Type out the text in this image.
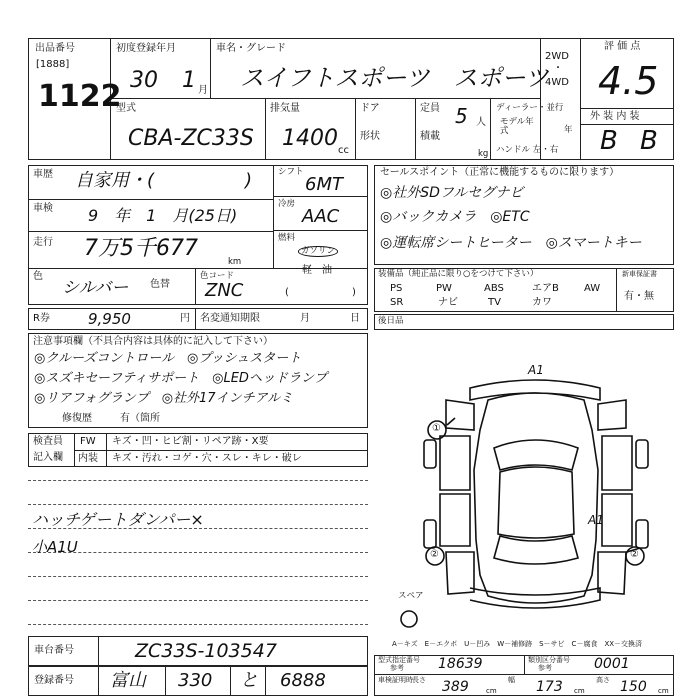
出品番号
[1888]
1122
初度登録年月
30 1 月
車名・グレード
スイフトスポーツ　スポーツ
2WD
・
4WD
評 価 点
4.5
型式
CBA-ZC33S
排気量
1400 cc
ドア
形状
定員 5 人
積載
kg
ディーラー・並行
モデル年式	年
ハンドル 左・右
外 装 内 装
B B
車歴 自家用・(	)
車検 9　年　1　月(25日)
走行 7万5千677
km
色
シルバー 色替
色コード
ZNC
シフト
6MT
冷房
AAC
燃料
ガソリン
軽　油
(	)
R券	9,950	円 名変通知期限	月	日
セールスポイント（正常に機能するものに限ります）
◎社外SDフルセグナビ
◎バックカメラ　◎ETC
◎運転席シートヒーター　◎スマートキー
装備品（純正品に限り○をつけて下さい）
PS	PW	ABS	エアB	AW
SR	ナビ	TV	カワ
新車保証書
有・無
後日品
注意事項欄（不具合内容は具体的に記入して下さい）
◎クルーズコントロール　◎プッシュスタート
◎スズキセーフティサポート　◎LEDヘッドランプ
◎リアフォグランプ　◎社外17インチアルミ
修復歴	有（箇所
検査員
記入欄
FW キズ・凹・ヒビ割・リペア跡・X要
内装 キズ・汚れ・コゲ・穴・スレ・キレ・破レ
ハッチゲートダンパー×
小A1U
A1
A1
①
②	②
スペア
A－キズ　E－エクボ　U－凹み　W－補修跡　S－サビ　C－腐食　XX－交換済
車台番号	ZC33S-103547
登録番号 富山 330 と 6888
型式指定番号
参考 18639	類別区分番号
参考	0001
車検証明時 長さ 389 cm
幅 173 cm
高さ 150 cm
